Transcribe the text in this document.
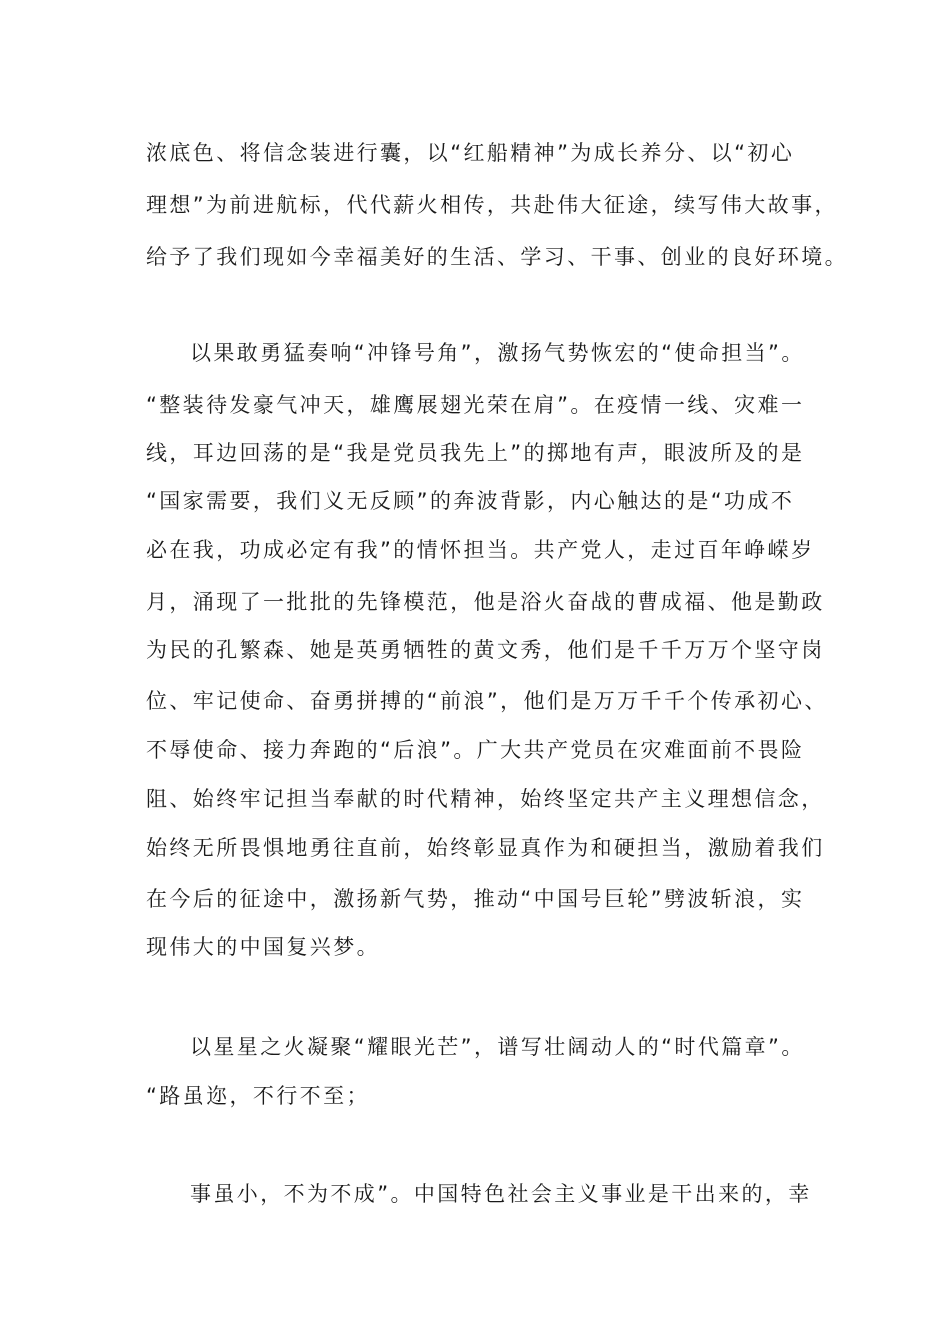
浓底色、将信念装进行囊，以“红船精神”为成长养分、以“初心
理想”为前进航标，代代薪火相传，共赴伟大征途，续写伟大故事，
给予了我们现如今幸福美好的生活、学习、干事、创业的良好环境。
以果敢勇猛奏响“冲锋号角”，激扬气势恢宏的“使命担当”。
“整装待发豪气冲天，雄鹰展翅光荣在肩”。在疫情一线、灾难一
线，耳边回荡的是“我是党员我先上”的掷地有声，眼波所及的是
“国家需要，我们义无反顾”的奔波背影，内心触达的是“功成不
必在我，功成必定有我”的情怀担当。共产党人，走过百年峥嵘岁
月，涌现了一批批的先锋模范，他是浴火奋战的曹成福、他是勤政
为民的孔繁森、她是英勇牺牲的黄文秀，他们是千千万万个坚守岗
位、牢记使命、奋勇拼搏的“前浪”，他们是万万千千个传承初心、
不辱使命、接力奔跑的“后浪”。广大共产党员在灾难面前不畏险
阻、始终牢记担当奉献的时代精神，始终坚定共产主义理想信念，
始终无所畏惧地勇往直前，始终彰显真作为和硬担当，激励着我们
在今后的征途中，激扬新气势，推动“中国号巨轮”劈波斩浪，实
现伟大的中国复兴梦。
以星星之火凝聚“耀眼光芒”，谱写壮阔动人的“时代篇章”。
“路虽迩，不行不至；
事虽小，不为不成”。中国特色社会主义事业是干出来的，幸
